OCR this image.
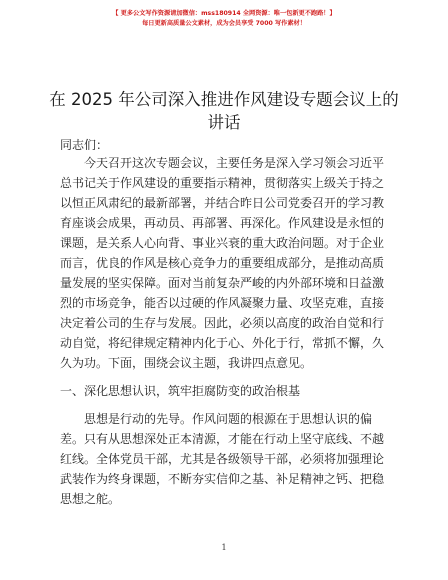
【 更多公文写作资源请加微信：mss180914 全网资源：唯一包新更不跑路！】
每日更新高质量公文素材，成为会员享受 7000 写作素材！
在 2025 年公司深入推进作风建设专题会议上的
讲话
同志们：
今天召开这次专题会议，主要任务是深入学习领会习近平
总书记关于作风建设的重要指示精神，贯彻落实上级关于持之
以恒正风肃纪的最新部署，并结合昨日公司党委召开的学习教
育座谈会成果，再动员、再部署、再深化。作风建设是永恒的
课题，是关系人心向背、事业兴衰的重大政治问题。对于企业
而言，优良的作风是核心竞争力的重要组成部分，是推动高质
量发展的坚实保障。面对当前复杂严峻的内外部环境和日益激
烈的市场竞争，能否以过硬的作风凝聚力量、攻坚克难，直接
决定着公司的生存与发展。因此，必须以高度的政治自觉和行
动自觉，将纪律规定精神内化于心、外化于行，常抓不懈，久
久为功。下面，围绕会议主题，我讲四点意见。
一、深化思想认识，筑牢拒腐防变的政治根基
思想是行动的先导。作风问题的根源在于思想认识的偏
差。只有从思想深处正本清源，才能在行动上坚守底线、不越
红线。全体党员干部，尤其是各级领导干部，必须将加强理论
武装作为终身课题，不断夯实信仰之基、补足精神之钙、把稳
思想之舵。
1
